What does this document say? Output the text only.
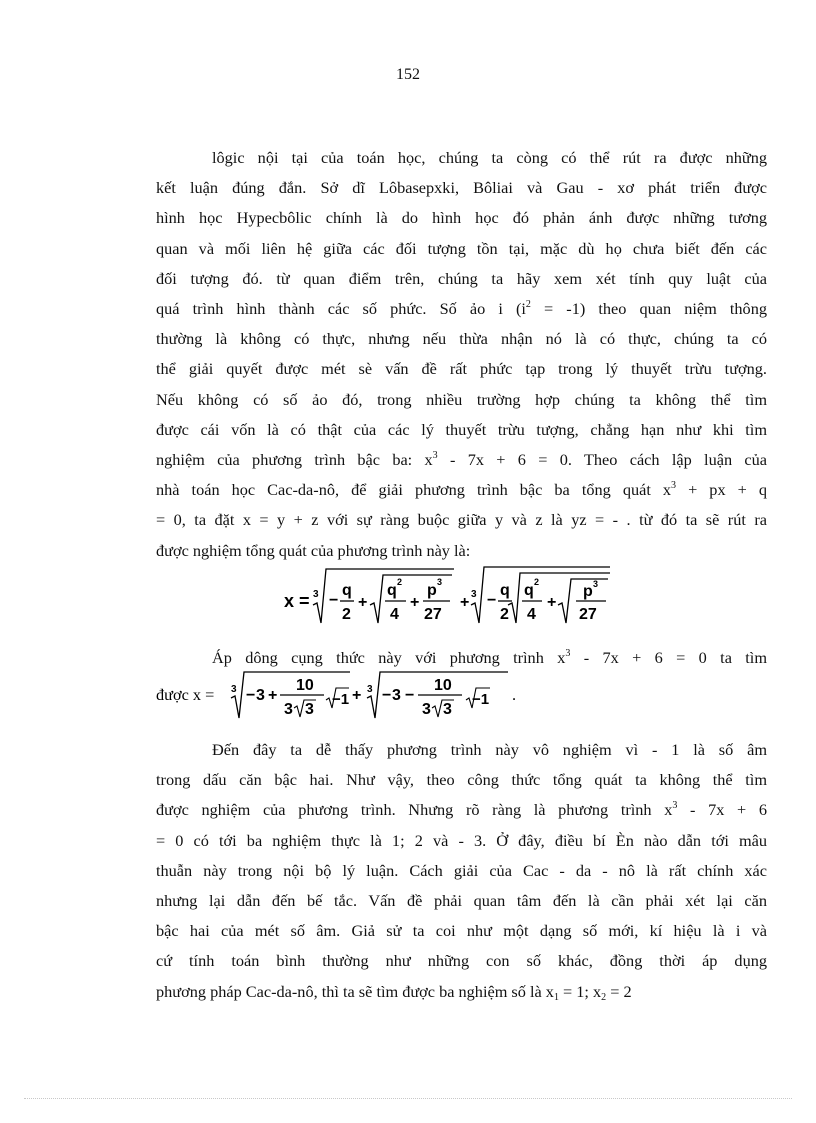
152
lôgic nội tại của toán học, chúng ta còng có thể rút ra được những
kết luận đúng đắn. Sở dĩ Lôbasepxki, Bôliai và Gau - xơ phát triển được
hình học Hypecbôlic chính là do hình học đó phản ánh được những tương
quan và mối liên hệ giữa các đối tượng tồn tại, mặc dù họ chưa biết đến các
đối tượng đó. từ quan điểm trên, chúng ta hãy xem xét tính quy luật của
quá trình hình thành các số phức. Số ảo i $(i^2 = -1)$ theo quan niệm thông
thường là không có thực, nhưng nếu thừa nhận nó là có thực, chúng ta có
thể giải quyết được mét sè vấn đề rất phức tạp trong lý thuyết trừu tượng.
Nếu không có số ảo đó, trong nhiều trường hợp chúng ta không thể tìm
được cái vốn là có thật của các lý thuyết trừu tượng, chẳng hạn như khi tìm
nghiệm của phương trình bậc ba: $x^3 - 7x + 6 = 0$. Theo cách lập luận của
nhà toán học Cac-da-nô, để giải phương trình bậc ba tổng quát $x^3$ + px + q
= 0, ta đặt x = y + z với sự ràng buộc giữa y và z là yz = - . từ đó ta sẽ rút ra
được nghiệm tổng quát của phương trình này là:
x = 3 −
q
2
+
q 2
4
+
p 3
27
+ 3 −
q
2
q 2
4
+
p 3
27
Áp dông cụng thức này với phương trình $x^3 - 7x + 6 = 0$ ta tìm
được x = 3 − 3 +
10
3 3
−1 + 3 − 3 −
10
3 3
−1 .
Đến đây ta dễ thấy phương trình này vô nghiệm vì - 1 là số âm
trong dấu căn bậc hai. Như vậy, theo công thức tổng quát ta không thể tìm
được nghiệm của phương trình. Nhưng rõ ràng là phương trình $x^3 - 7x + 6$
= 0 có tới ba nghiệm thực là 1; 2 và - 3. Ở đây, điều bí Èn nào dẫn tới mâu
thuẫn này trong nội bộ lý luận. Cách giải của Cac - da - nô là rất chính xác
nhưng lại dẫn đến bế tắc. Vấn đề phải quan tâm đến là cần phải xét lại căn
bậc hai của mét số âm. Giả sử ta coi như một dạng số mới, kí hiệu là i và
cứ tính toán bình thường như những con số khác, đồng thời áp dụng
phương pháp Cac-da-nô, thì ta sẽ tìm được ba nghiệm số là $x_1 = 1$; $x_2 = 2$
